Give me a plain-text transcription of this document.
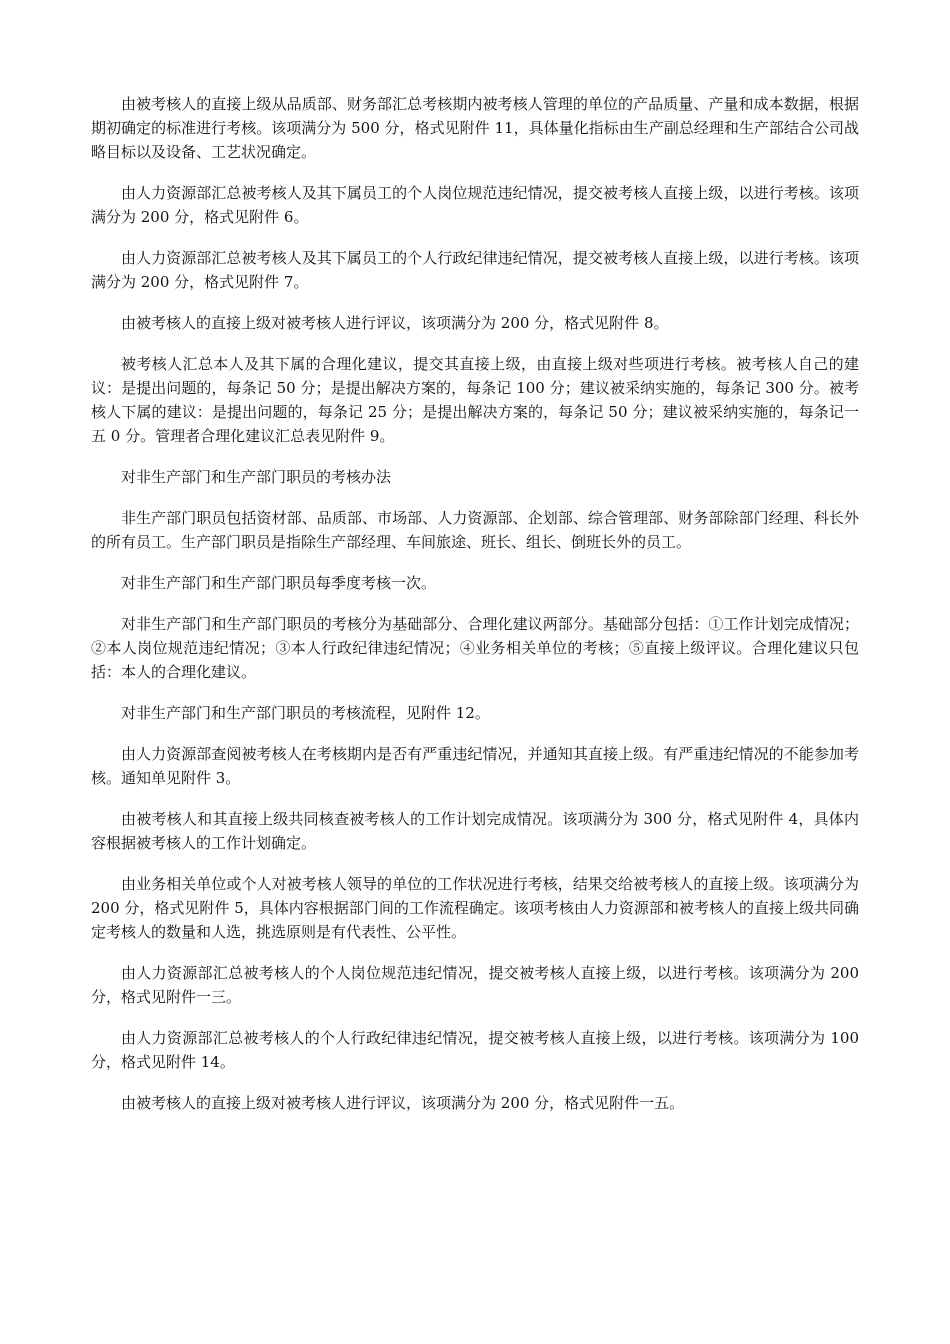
由被考核人的直接上级从品质部、财务部汇总考核期内被考核人管理的单位的产品质量、产量和成本数据，根据期初确定的标准进行考核。该项满分为 500 分，格式见附件 11，具体量化指标由生产副总经理和生产部结合公司战略目标以及设备、工艺状况确定。

由人力资源部汇总被考核人及其下属员工的个人岗位规范违纪情况，提交被考核人直接上级，以进行考核。该项满分为 200 分，格式见附件 6。

由人力资源部汇总被考核人及其下属员工的个人行政纪律违纪情况，提交被考核人直接上级，以进行考核。该项满分为 200 分，格式见附件 7。

由被考核人的直接上级对被考核人进行评议，该项满分为 200 分，格式见附件 8。

被考核人汇总本人及其下属的合理化建议，提交其直接上级，由直接上级对些项进行考核。被考核人自己的建议：是提出问题的，每条记 50 分；是提出解决方案的，每条记 100 分；建议被采纳实施的，每条记 300 分。被考核人下属的建议：是提出问题的，每条记 25 分；是提出解决方案的，每条记 50 分；建议被采纳实施的，每条记一五 0 分。管理者合理化建议汇总表见附件 9。

对非生产部门和生产部门职员的考核办法

非生产部门职员包括资材部、品质部、市场部、人力资源部、企划部、综合管理部、财务部除部门经理、科长外的所有员工。生产部门职员是指除生产部经理、车间旅途、班长、组长、倒班长外的员工。

对非生产部门和生产部门职员每季度考核一次。

对非生产部门和生产部门职员的考核分为基础部分、合理化建议两部分。基础部分包括：①工作计划完成情况；②本人岗位规范违纪情况；③本人行政纪律违纪情况；④业务相关单位的考核；⑤直接上级评议。合理化建议只包括：本人的合理化建议。

对非生产部门和生产部门职员的考核流程，见附件 12。

由人力资源部查阅被考核人在考核期内是否有严重违纪情况，并通知其直接上级。有严重违纪情况的不能参加考核。通知单见附件 3。

由被考核人和其直接上级共同核查被考核人的工作计划完成情况。该项满分为 300 分，格式见附件 4，具体内容根据被考核人的工作计划确定。

由业务相关单位或个人对被考核人领导的单位的工作状况进行考核，结果交给被考核人的直接上级。该项满分为 200 分，格式见附件 5，具体内容根据部门间的工作流程确定。该项考核由人力资源部和被考核人的直接上级共同确定考核人的数量和人选，挑选原则是有代表性、公平性。

由人力资源部汇总被考核人的个人岗位规范违纪情况，提交被考核人直接上级，以进行考核。该项满分为 200 分，格式见附件一三。

由人力资源部汇总被考核人的个人行政纪律违纪情况，提交被考核人直接上级，以进行考核。该项满分为 100 分，格式见附件 14。

由被考核人的直接上级对被考核人进行评议，该项满分为 200 分，格式见附件一五。
